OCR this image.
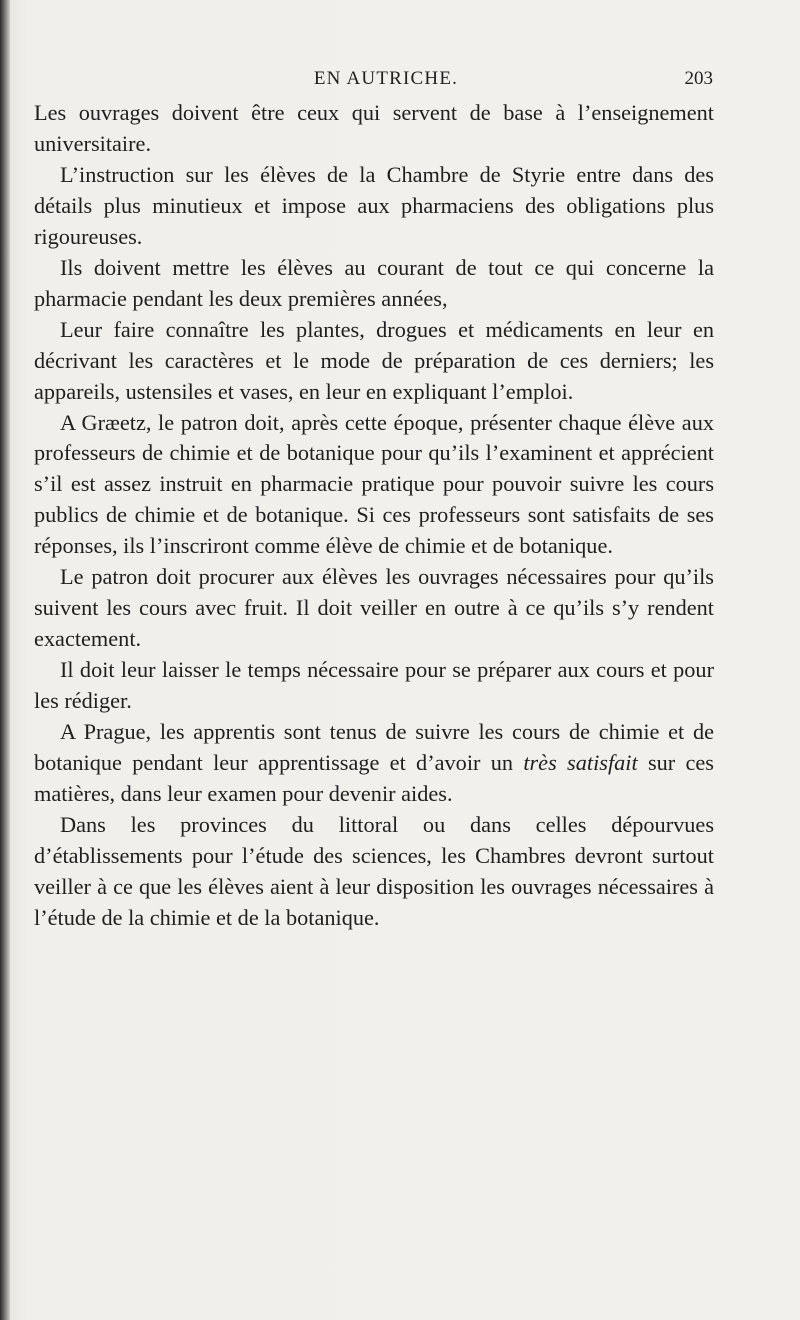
EN AUTRICHE.	203

Les ouvrages doivent être ceux qui servent de base à l’enseignement universitaire.

L’instruction sur les élèves de la Chambre de Styrie entre dans des détails plus minutieux et impose aux pharmaciens des obligations plus rigoureuses.

Ils doivent mettre les élèves au courant de tout ce qui concerne la pharmacie pendant les deux premières années,

Leur faire connaître les plantes, drogues et médicaments en leur en décrivant les caractères et le mode de préparation de ces derniers; les appareils, ustensiles et vases, en leur en expliquant l’emploi.

A Græetz, le patron doit, après cette époque, présenter chaque élève aux professeurs de chimie et de botanique pour qu’ils l’examinent et apprécient s’il est assez instruit en pharmacie pratique pour pouvoir suivre les cours publics de chimie et de botanique. Si ces professeurs sont satisfaits de ses réponses, ils l’inscriront comme élève de chimie et de botanique.

Le patron doit procurer aux élèves les ouvrages nécessaires pour qu’ils suivent les cours avec fruit. Il doit veiller en outre à ce qu’ils s’y rendent exactement.

Il doit leur laisser le temps nécessaire pour se préparer aux cours et pour les rédiger.

A Prague, les apprentis sont tenus de suivre les cours de chimie et de botanique pendant leur apprentissage et d’avoir un très satisfait sur ces matières, dans leur examen pour devenir aides.

Dans les provinces du littoral ou dans celles dépourvues d’établissements pour l’étude des sciences, les Chambres devront surtout veiller à ce que les élèves aient à leur disposition les ouvrages nécessaires à l’étude de la chimie et de la botanique.
